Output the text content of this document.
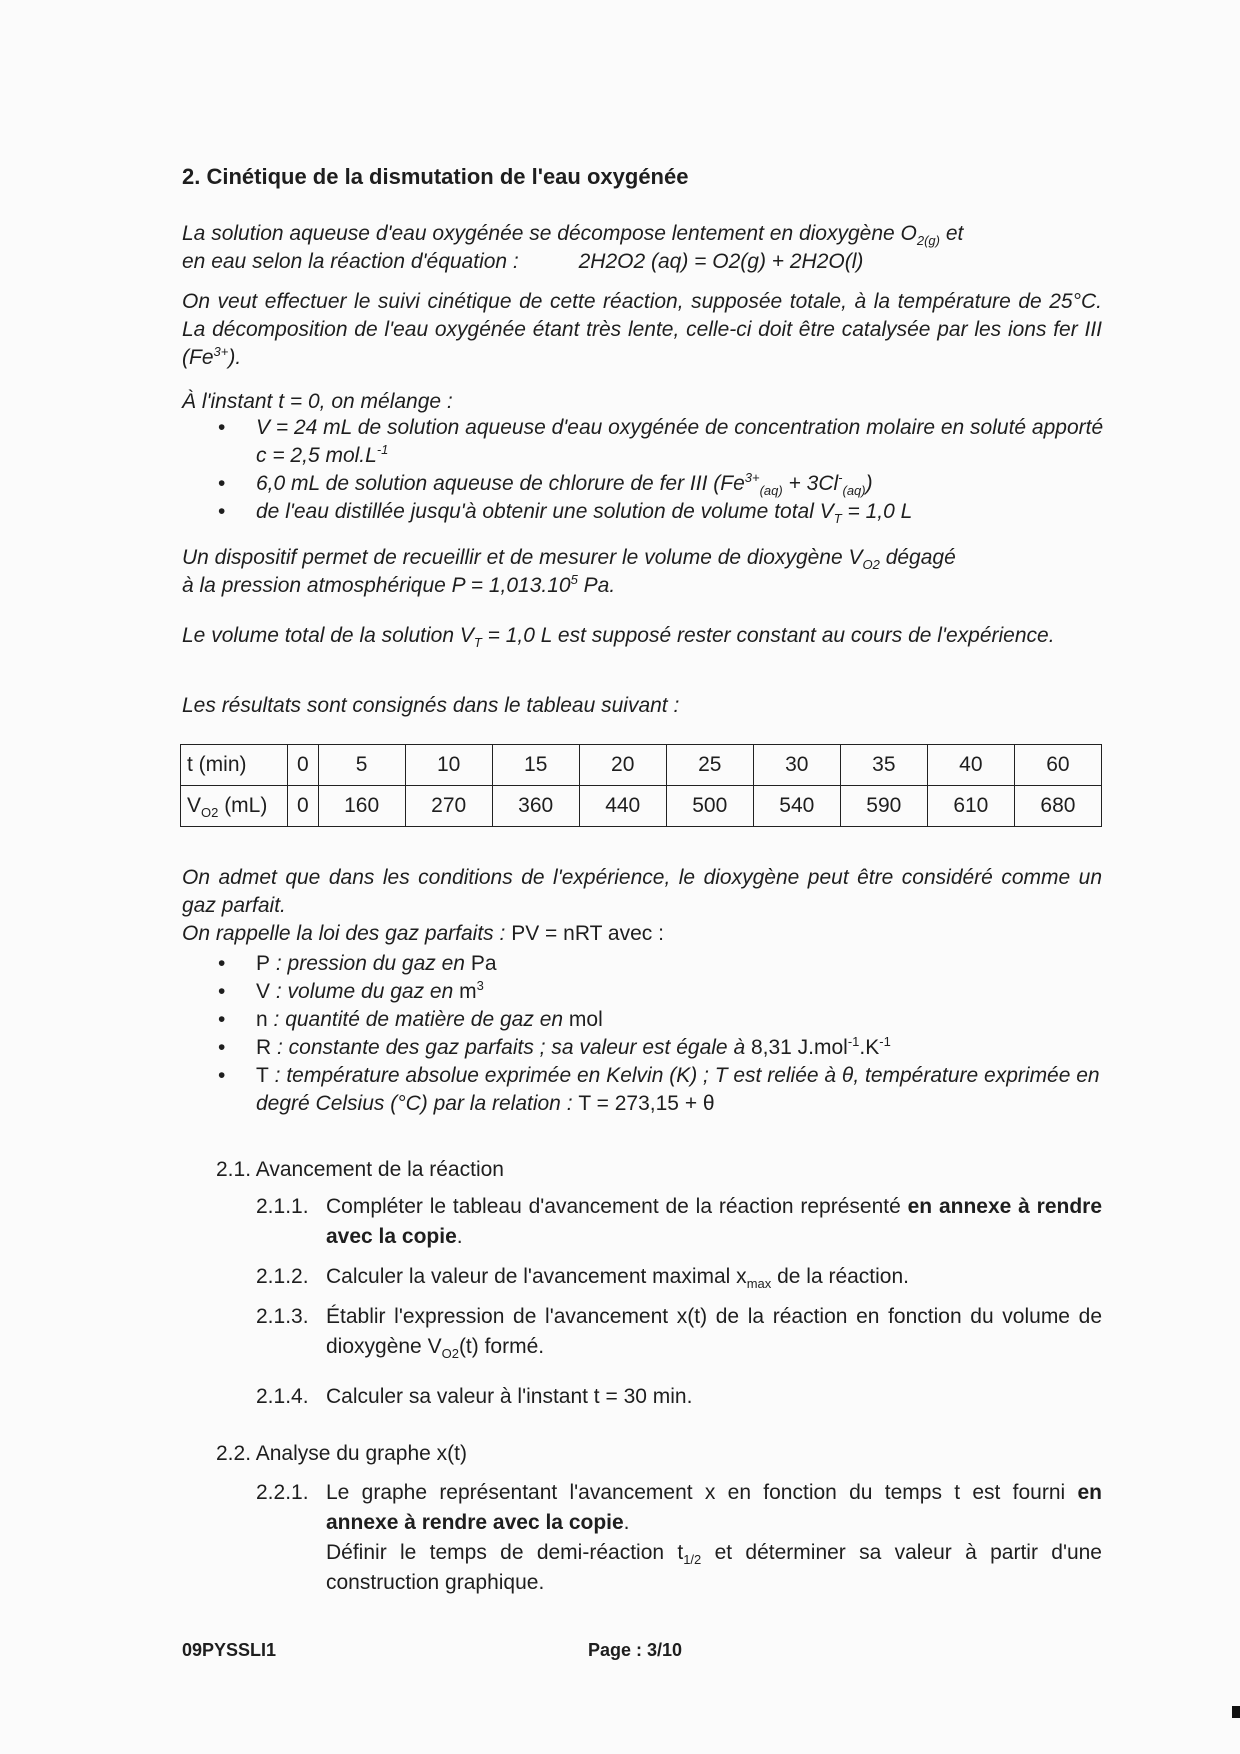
2. Cinétique de la dismutation de l'eau oxygénée
La solution aqueuse d'eau oxygénée se décompose lentement en dioxygène $O_{2(g)}$ et
en eau selon la réaction d'équation :	2H2O2 (aq) = O2(g) + 2H2O(l)
On veut effectuer le suivi cinétique de cette réaction, supposée totale, à la température de 25°C. La décomposition de l'eau oxygénée étant très lente, celle-ci doit être catalysée par les ions fer III $(Fe^{3+})$.
À l'instant t = 0, on mélange :
• V = 24 mL de solution aqueuse d'eau oxygénée de concentration molaire en soluté apporté c = 2,5 $mol.L^{-1}$
• 6,0 mL de solution aqueuse de chlorure de fer III $(Fe^{3+}_{(aq)} + 3Cl^-_{(aq)})$
• de l'eau distillée jusqu'à obtenir une solution de volume total $V_T = 1,0$ L
Un dispositif permet de recueillir et de mesurer le volume de dioxygène $V_{O2}$ dégagé
à la pression atmosphérique $P = 1,013.10^5$ Pa.
Le volume total de la solution $V_T = 1,0$ L est supposé rester constant au cours de l'expérience.
Les résultats sont consignés dans le tableau suivant :
t (min)	0	5	10	15	20	25	30	35	40	60
$V_{O2}$ (mL)	0	160	270	360	440	500	540	590	610	680
On admet que dans les conditions de l'expérience, le dioxygène peut être considéré comme un gaz parfait.
On rappelle la loi des gaz parfaits : PV = nRT avec :
• P : pression du gaz en Pa
• V : volume du gaz en $m^3$
• n : quantité de matière de gaz en mol
• R : constante des gaz parfaits ; sa valeur est égale à 8,31 $J.mol^{-1}.K^{-1}$
• T : température absolue exprimée en Kelvin (K) ; T est reliée à θ, température exprimée en degré Celsius (°C) par la relation : T = 273,15 + θ
2.1. Avancement de la réaction
2.1.1. Compléter le tableau d'avancement de la réaction représenté en annexe à rendre avec la copie.
2.1.2. Calculer la valeur de l'avancement maximal $x_{max}$ de la réaction.
2.1.3. Établir l'expression de l'avancement x(t) de la réaction en fonction du volume de dioxygène $V_{O2}(t)$ formé.
2.1.4. Calculer sa valeur à l'instant t = 30 min.
2.2. Analyse du graphe x(t)
2.2.1. Le graphe représentant l'avancement x en fonction du temps t est fourni en annexe à rendre avec la copie.
Définir le temps de demi-réaction $t_{1/2}$ et déterminer sa valeur à partir d'une construction graphique.
09PYSSLI1	Page : 3/10
